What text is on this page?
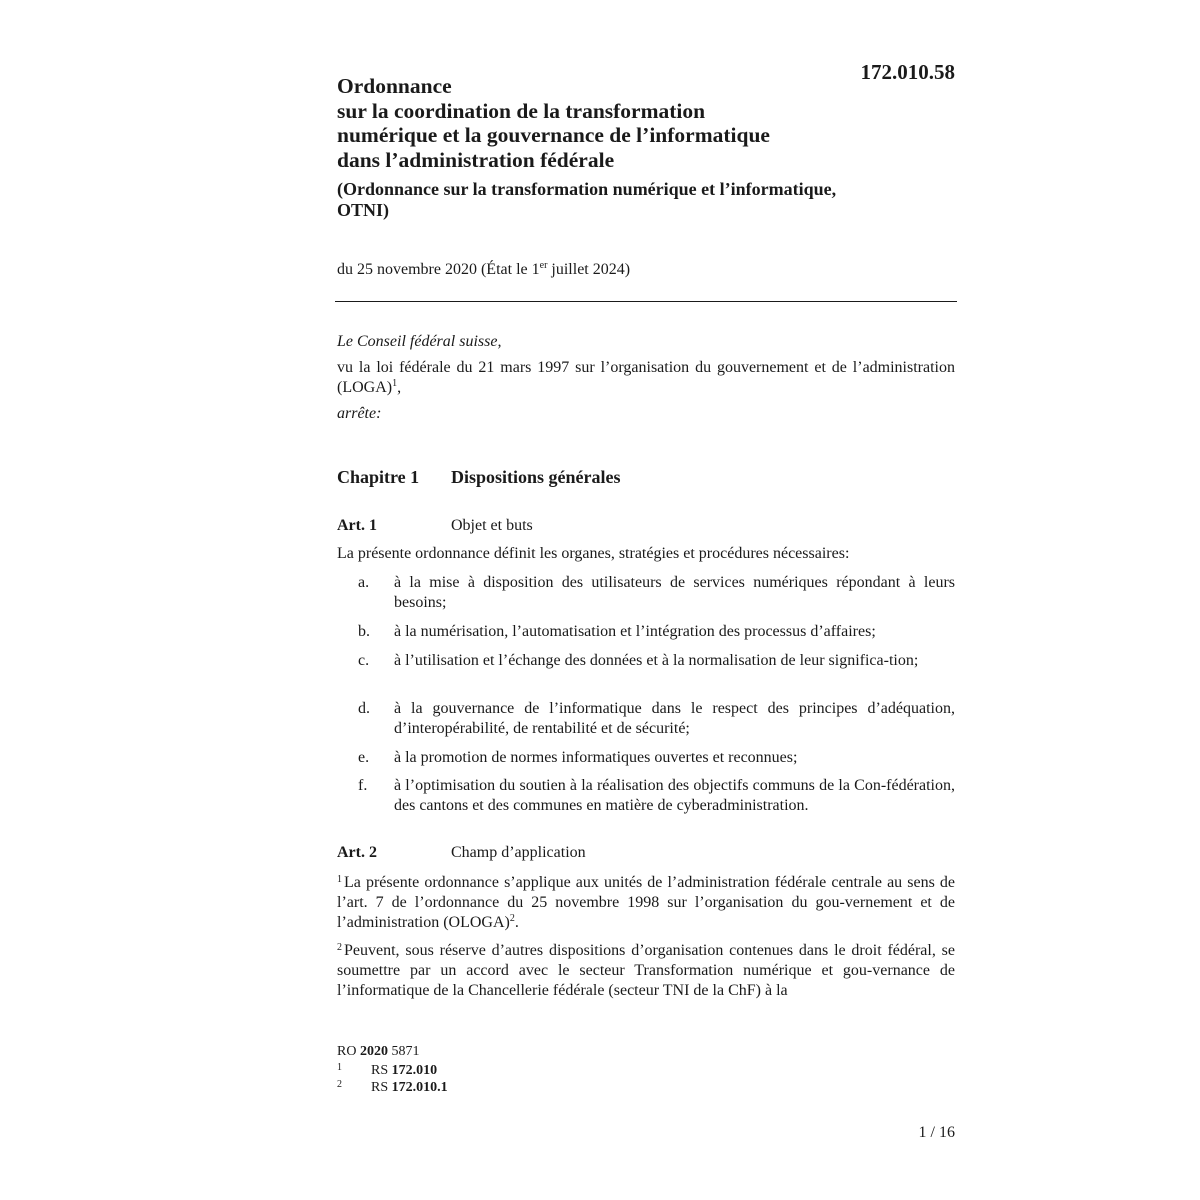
172.010.58
Ordonnance
sur la coordination de la transformation
numérique et la gouvernance de l’informatique
dans l’administration fédérale
(Ordonnance sur la transformation numérique et l’informatique,
OTNI)
du 25 novembre 2020 (État le 1er juillet 2024)
Le Conseil fédéral suisse,
vu la loi fédérale du 21 mars 1997 sur l’organisation du gouvernement et de l’administration (LOGA)$^1$,
arrête:
Chapitre 1 Dispositions générales
Art. 1	Objet et buts
La présente ordonnance définit les organes, stratégies et procédures nécessaires:
a. à la mise à disposition des utilisateurs de services numériques répondant à leurs besoins;
b. à la numérisation, l’automatisation et l’intégration des processus d’affaires;
c. à l’utilisation et l’échange des données et à la normalisation de leur significa-tion;
d. à la gouvernance de l’informatique dans le respect des principes d’adéquation, d’interopérabilité, de rentabilité et de sécurité;
e. à la promotion de normes informatiques ouvertes et reconnues;
f. à l’optimisation du soutien à la réalisation des objectifs communs de la Con-fédération, des cantons et des communes en matière de cyberadministration.
Art. 2	Champ d’application
$^1$ La présente ordonnance s’applique aux unités de l’administration fédérale centrale au sens de l’art. 7 de l’ordonnance du 25 novembre 1998 sur l’organisation du gou-vernement et de l’administration (OLOGA)$^2$.
$^2$ Peuvent, sous réserve d’autres dispositions d’organisation contenues dans le droit fédéral, se soumettre par un accord avec le secteur Transformation numérique et gou-vernance de l’informatique de la Chancellerie fédérale (secteur TNI de la ChF) à la
RO 2020 5871
1 RS 172.010
2 RS 172.010.1
1 / 16
